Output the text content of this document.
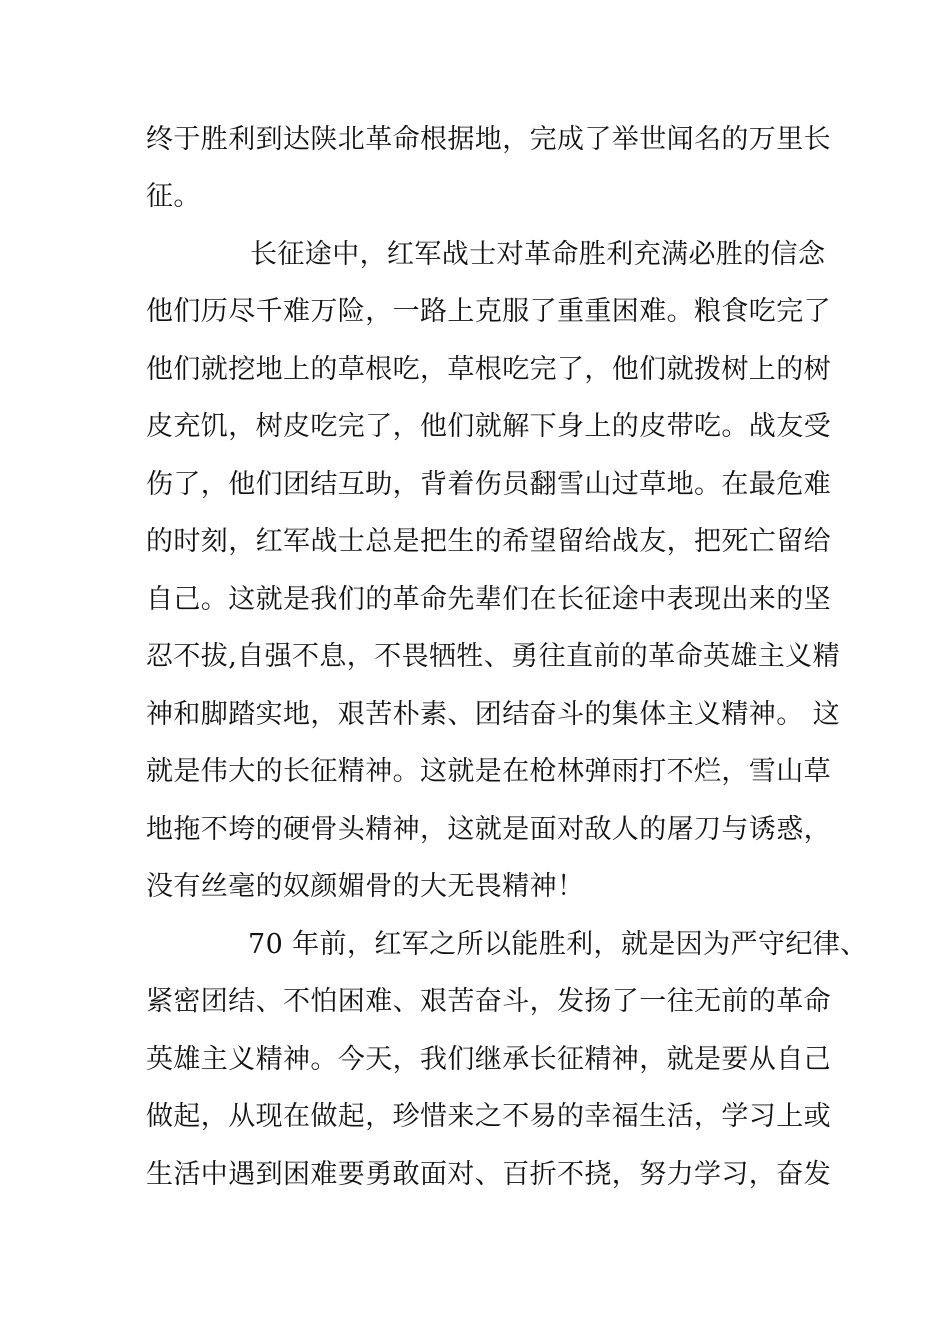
终于胜利到达陕北革命根据地，完成了举世闻名的万里长
征。
长征途中，红军战士对革命胜利充满必胜的信念
他们历尽千难万险，一路上克服了重重困难。粮食吃完了
他们就挖地上的草根吃，草根吃完了，他们就拨树上的树
皮充饥，树皮吃完了，他们就解下身上的皮带吃。战友受
伤了，他们团结互助，背着伤员翻雪山过草地。在最危难
的时刻，红军战士总是把生的希望留给战友，把死亡留给
自己。这就是我们的革命先辈们在长征途中表现出来的坚
忍不拔,自强不息，不畏牺牲、勇往直前的革命英雄主义精
神和脚踏实地，艰苦朴素、团结奋斗的集体主义精神。 这
就是伟大的长征精神。这就是在枪林弹雨打不烂，雪山草
地拖不垮的硬骨头精神，这就是面对敌人的屠刀与诱惑，
没有丝毫的奴颜媚骨的大无畏精神！
70 年前，红军之所以能胜利，就是因为严守纪律、
紧密团结、不怕困难、艰苦奋斗，发扬了一往无前的革命
英雄主义精神。今天，我们继承长征精神，就是要从自己
做起，从现在做起，珍惜来之不易的幸福生活，学习上或
生活中遇到困难要勇敢面对、百折不挠，努力学习，奋发
